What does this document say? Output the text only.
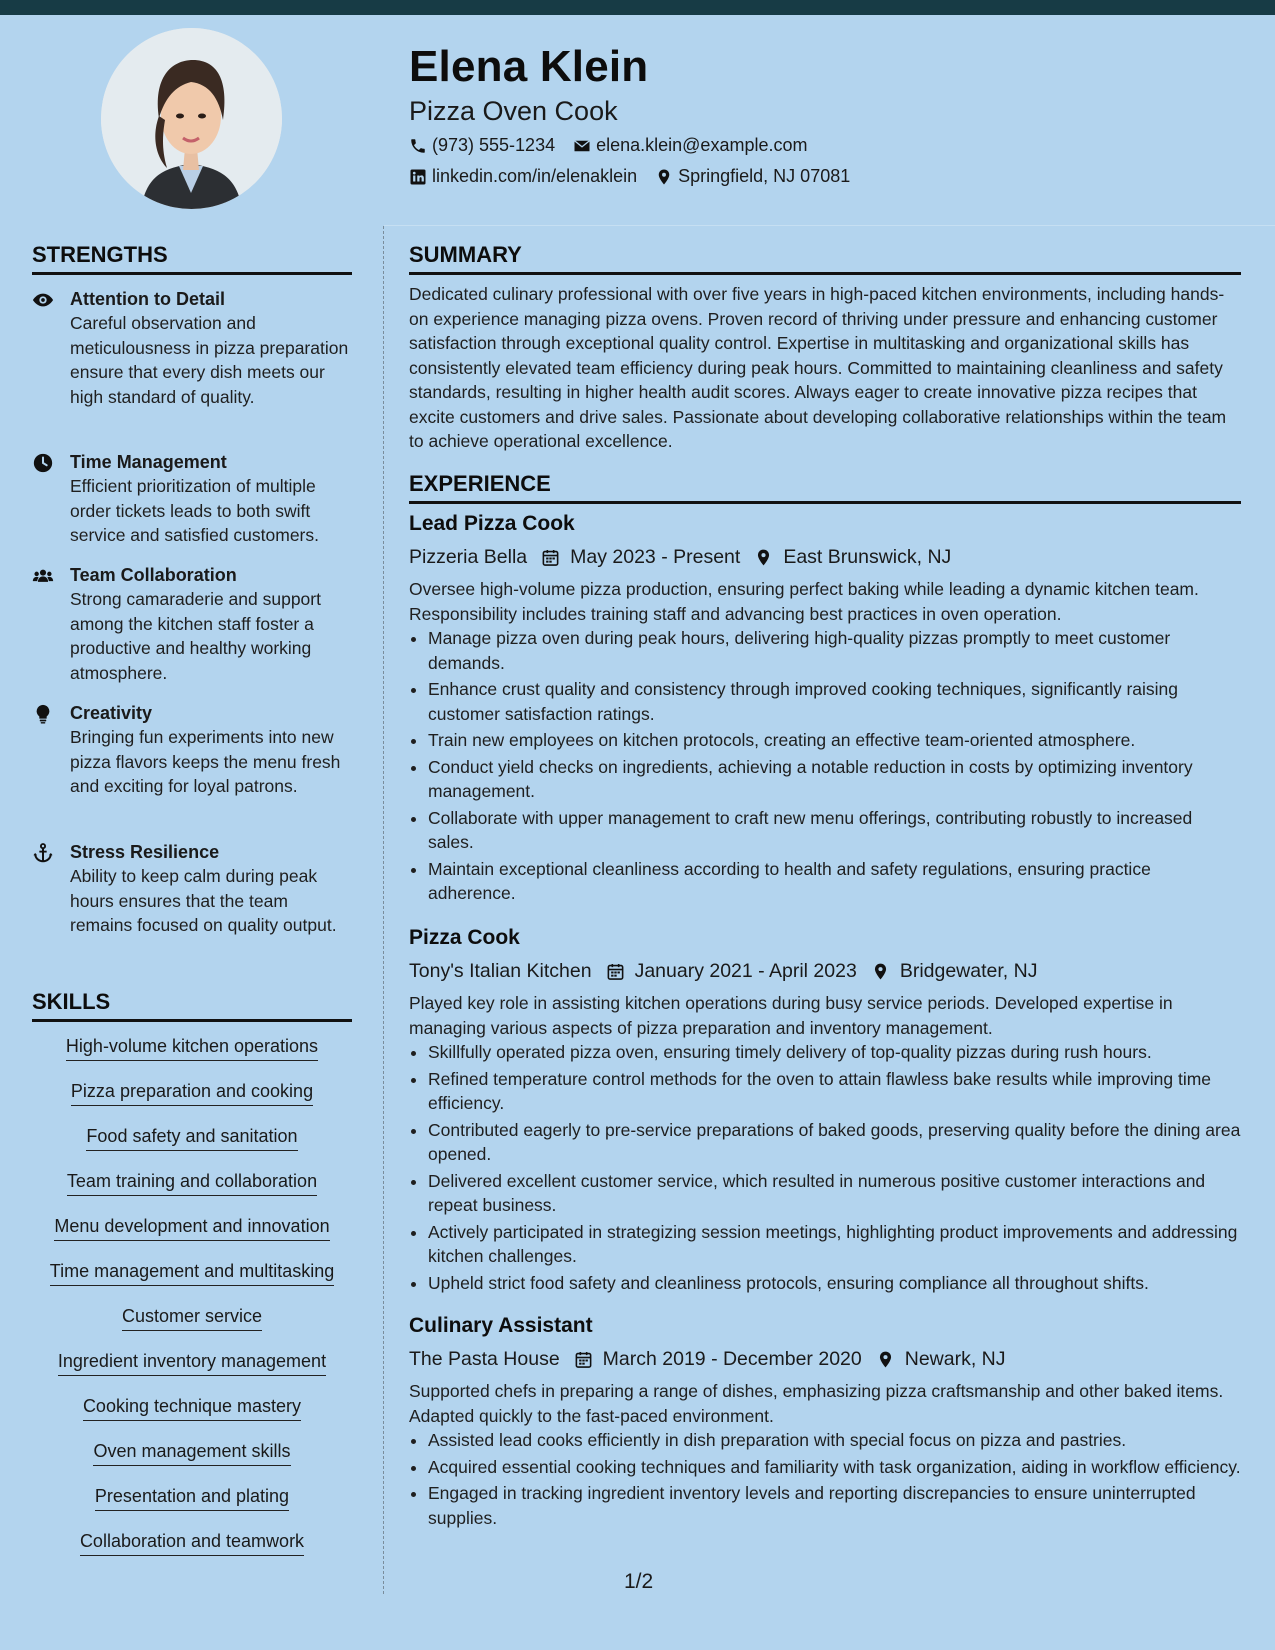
Elena Klein
Pizza Oven Cook
(973) 555-1234 elena.klein@example.com
linkedin.com/in/elenaklein Springfield, NJ 07081
STRENGTHS
Attention to Detail
Careful observation and meticulousness in pizza preparation ensure that every dish meets our high standard of quality.
Time Management
Efficient prioritization of multiple order tickets leads to both swift service and satisfied customers.
Team Collaboration
Strong camaraderie and support among the kitchen staff foster a productive and healthy working atmosphere.
Creativity
Bringing fun experiments into new pizza flavors keeps the menu fresh and exciting for loyal patrons.
Stress Resilience
Ability to keep calm during peak hours ensures that the team remains focused on quality output.
SKILLS
High-volume kitchen operations
Pizza preparation and cooking
Food safety and sanitation
Team training and collaboration
Menu development and innovation
Time management and multitasking
Customer service
Ingredient inventory management
Cooking technique mastery
Oven management skills
Presentation and plating
Collaboration and teamwork
SUMMARY
Dedicated culinary professional with over five years in high-paced kitchen environments, including hands-on experience managing pizza ovens. Proven record of thriving under pressure and enhancing customer satisfaction through exceptional quality control. Expertise in multitasking and organizational skills has consistently elevated team efficiency during peak hours. Committed to maintaining cleanliness and safety standards, resulting in higher health audit scores. Always eager to create innovative pizza recipes that excite customers and drive sales. Passionate about developing collaborative relationships within the team to achieve operational excellence.
EXPERIENCE
Lead Pizza Cook
Pizzeria Bella May 2023 - Present East Brunswick, NJ
Oversee high-volume pizza production, ensuring perfect baking while leading a dynamic kitchen team. Responsibility includes training staff and advancing best practices in oven operation.
• Manage pizza oven during peak hours, delivering high-quality pizzas promptly to meet customer demands.
• Enhance crust quality and consistency through improved cooking techniques, significantly raising customer satisfaction ratings.
• Train new employees on kitchen protocols, creating an effective team-oriented atmosphere.
• Conduct yield checks on ingredients, achieving a notable reduction in costs by optimizing inventory management.
• Collaborate with upper management to craft new menu offerings, contributing robustly to increased sales.
• Maintain exceptional cleanliness according to health and safety regulations, ensuring practice adherence.
Pizza Cook
Tony's Italian Kitchen January 2021 - April 2023 Bridgewater, NJ
Played key role in assisting kitchen operations during busy service periods. Developed expertise in managing various aspects of pizza preparation and inventory management.
• Skillfully operated pizza oven, ensuring timely delivery of top-quality pizzas during rush hours.
• Refined temperature control methods for the oven to attain flawless bake results while improving time efficiency.
• Contributed eagerly to pre-service preparations of baked goods, preserving quality before the dining area opened.
• Delivered excellent customer service, which resulted in numerous positive customer interactions and repeat business.
• Actively participated in strategizing session meetings, highlighting product improvements and addressing kitchen challenges.
• Upheld strict food safety and cleanliness protocols, ensuring compliance all throughout shifts.
Culinary Assistant
The Pasta House March 2019 - December 2020 Newark, NJ
Supported chefs in preparing a range of dishes, emphasizing pizza craftsmanship and other baked items. Adapted quickly to the fast-paced environment.
• Assisted lead cooks efficiently in dish preparation with special focus on pizza and pastries.
• Acquired essential cooking techniques and familiarity with task organization, aiding in workflow efficiency.
• Engaged in tracking ingredient inventory levels and reporting discrepancies to ensure uninterrupted supplies.
1/2
